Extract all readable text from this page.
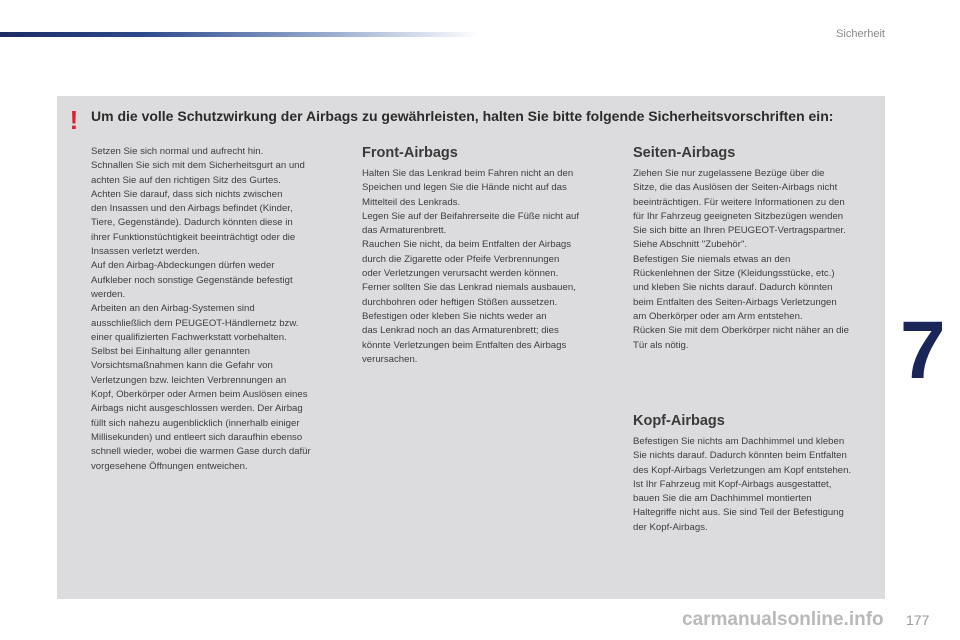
Sicherheit
! Um die volle Schutzwirkung der Airbags zu gewährleisten, halten Sie bitte folgende Sicherheitsvorschriften ein:

Setzen Sie sich normal und aufrecht hin.

Schnallen Sie sich mit dem Sicherheitsgurt an und

achten Sie auf den richtigen Sitz des Gurtes.

Achten Sie darauf, dass sich nichts zwischen

den Insassen und den Airbags befindet (Kinder,

Tiere, Gegenstände). Dadurch könnten diese in

ihrer Funktionstüchtigkeit beeinträchtigt oder die

Insassen verletzt werden.

Auf den Airbag-Abdeckungen dürfen weder

Aufkleber noch sonstige Gegenstände befestigt

werden.

Arbeiten an den Airbag-Systemen sind

ausschließlich dem PEUGEOT-Händlernetz bzw.

einer qualifizierten Fachwerkstatt vorbehalten.

Selbst bei Einhaltung aller genannten

Vorsichtsmaßnahmen kann die Gefahr von

Verletzungen bzw. leichten Verbrennungen an

Kopf, Oberkörper oder Armen beim Auslösen eines

Airbags nicht ausgeschlossen werden. Der Airbag

füllt sich nahezu augenblicklich (innerhalb einiger

Millisekunden) und entleert sich daraufhin ebenso

schnell wieder, wobei die warmen Gase durch dafür

vorgesehene Öffnungen entweichen.

Front-Airbags

Halten Sie das Lenkrad beim Fahren nicht an den

Speichen und legen Sie die Hände nicht auf das

Mittelteil des Lenkrads.

Legen Sie auf der Beifahrerseite die Füße nicht auf

das Armaturenbrett.

Rauchen Sie nicht, da beim Entfalten der Airbags

durch die Zigarette oder Pfeife Verbrennungen

oder Verletzungen verursacht werden können.

Ferner sollten Sie das Lenkrad niemals ausbauen,

durchbohren oder heftigen Stößen aussetzen.

Befestigen oder kleben Sie nichts weder an

das Lenkrad noch an das Armaturenbrett; dies

könnte Verletzungen beim Entfalten des Airbags

verursachen.

Seiten-Airbags

Ziehen Sie nur zugelassene Bezüge über die

Sitze, die das Auslösen der Seiten-Airbags nicht

beeinträchtigen. Für weitere Informationen zu den

für Ihr Fahrzeug geeigneten Sitzbezügen wenden

Sie sich bitte an Ihren PEUGEOT-Vertragspartner.

Siehe Abschnitt "Zubehör".

Befestigen Sie niemals etwas an den

Rückenlehnen der Sitze (Kleidungsstücke, etc.)

und kleben Sie nichts darauf. Dadurch könnten

beim Entfalten des Seiten-Airbags Verletzungen

am Oberkörper oder am Arm entstehen.

Rücken Sie mit dem Oberkörper nicht näher an die

Tür als nötig.

Kopf-Airbags

Befestigen Sie nichts am Dachhimmel und kleben

Sie nichts darauf. Dadurch könnten beim Entfalten

des Kopf-Airbags Verletzungen am Kopf entstehen.

Ist Ihr Fahrzeug mit Kopf-Airbags ausgestattet,

bauen Sie die am Dachhimmel montierten

Haltegriffe nicht aus. Sie sind Teil der Befestigung

der Kopf-Airbags.

7
carmanualsonline.info 177
